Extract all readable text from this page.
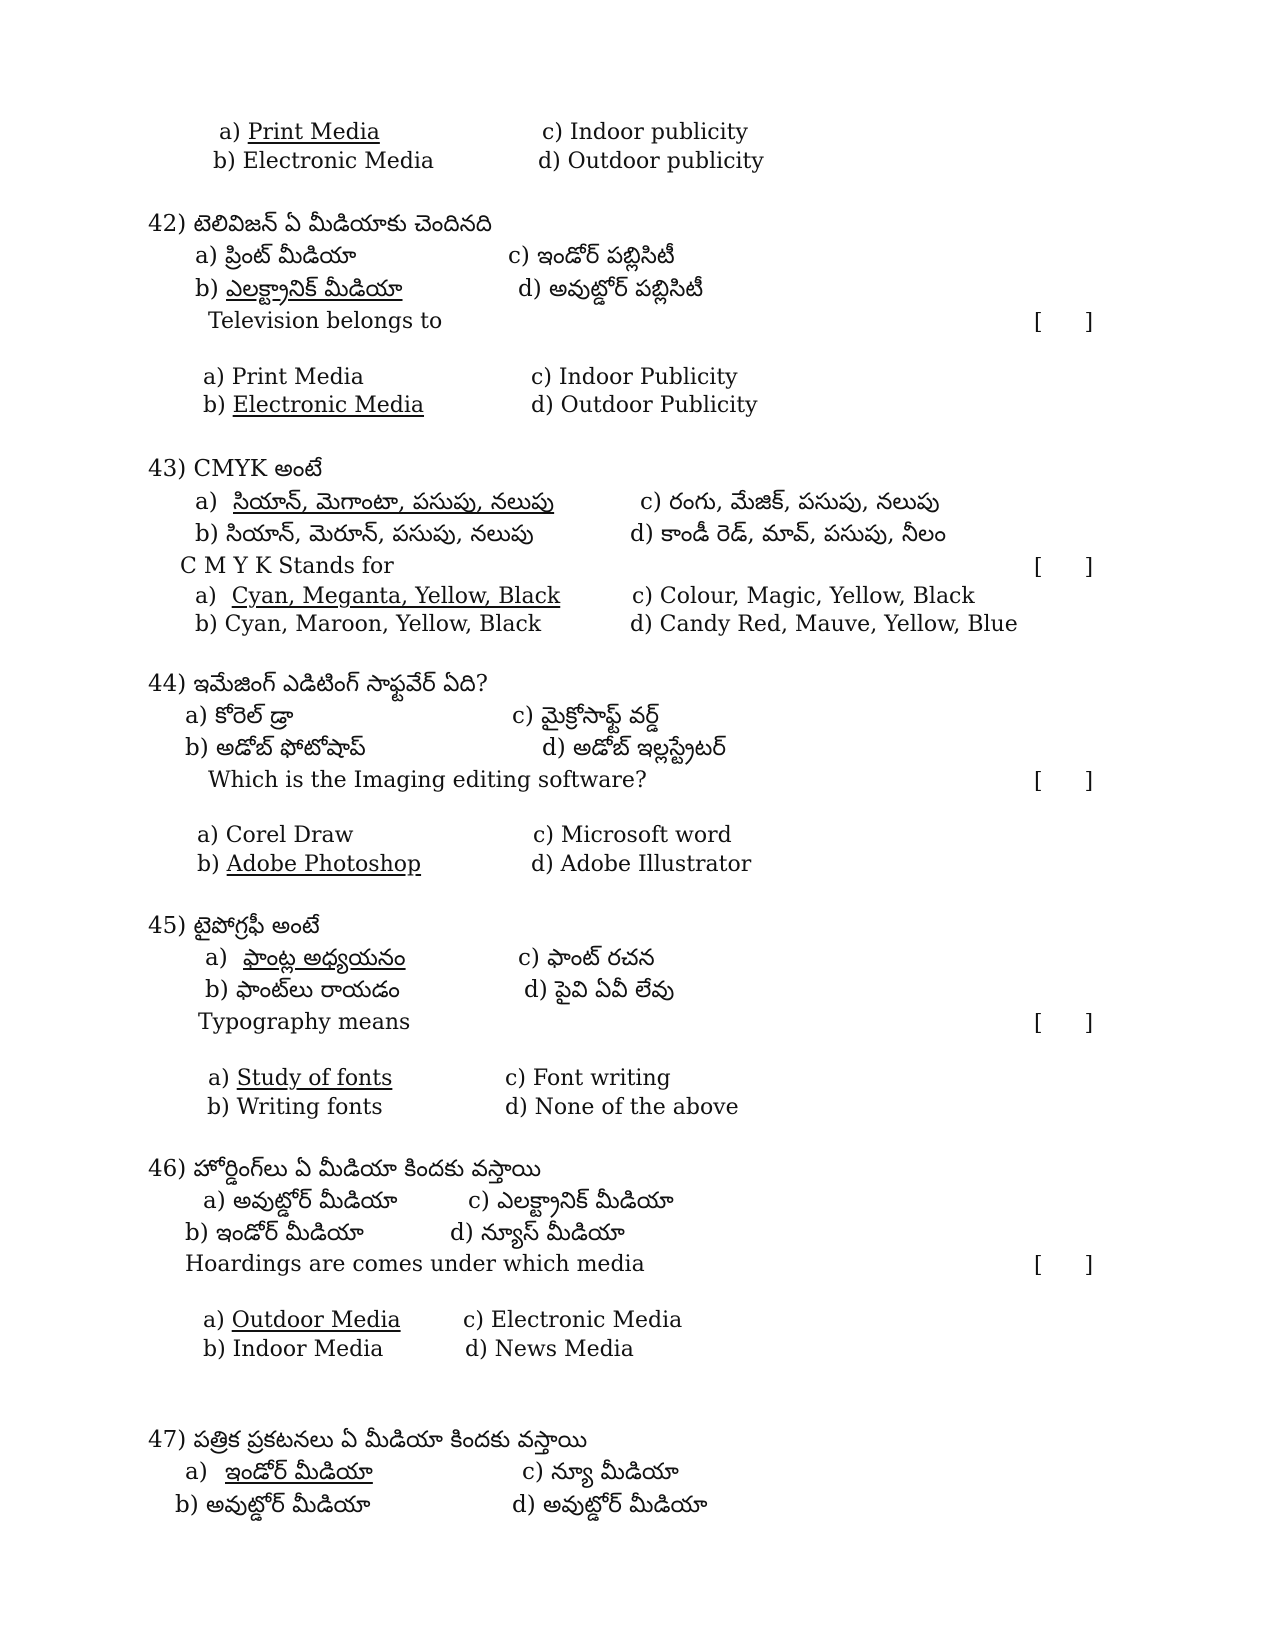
a) Print Media
b) Electronic Media
c) Indoor publicity
d) Outdoor publicity
42) టెలివిజన్ ఏ మీడియాకు చెందినది
a) ప్రింట్ మీడియా
b) ఎలక్ట్రానిక్ మీడియా
c) ఇండోర్ పబ్లిసిటీ
d) అవుట్డోర్ పబ్లిసిటీ
Television belongs to	[      ]
a) Print Media
b) Electronic Media
c) Indoor Publicity
d) Outdoor Publicity
43) CMYK అంటే
a) సియాన్, మెగాంటా, పసుపు, నలుపు
b) సియాన్, మెరూన్, పసుపు, నలుపు
c) రంగు, మేజిక్, పసుపు, నలుపు
d) కాండీ రెడ్, మావ్, పసుపు, నీలం
C M Y K Stands for	[      ]
a) Cyan, Meganta, Yellow, Black
b) Cyan, Maroon, Yellow, Black
c) Colour, Magic, Yellow, Black
d) Candy Red, Mauve, Yellow, Blue
44) ఇమేజింగ్ ఎడిటింగ్ సాఫ్టవేర్ ఏది?
a) కోరెల్ డ్రా
b) అడోబ్ ఫోటోషాప్
c) మైక్రోసాఫ్ట్ వర్డ్
d) అడోబ్ ఇల్లస్ట్రేటర్
Which is the Imaging editing software?	[      ]
a) Corel Draw
b) Adobe Photoshop
c) Microsoft word
d) Adobe Illustrator
45) టైపోగ్రఫీ అంటే
a) ఫాంట్ల అధ్యయనం
b) ఫాంట్‌లు రాయడం
c) ఫాంట్ రచన
d) పైవి ఏవీ లేవు
Typography means	[      ]
a) Study of fonts
b) Writing fonts
c) Font writing
d) None of the above
46) హోర్డింగ్‌లు ఏ మీడియా కిందకు వస్తాయి
a) అవుట్డోర్ మీడియా
b) ఇండోర్ మీడియా
c) ఎలక్ట్రానిక్ మీడియా
d) న్యూస్ మీడియా
Hoardings are comes under which media	[      ]
a) Outdoor Media
b) Indoor Media
c) Electronic Media
d) News Media
47) పత్రిక ప్రకటనలు ఏ మీడియా కిందకు వస్తాయి
a) ఇండోర్ మీడియా
b) అవుట్డోర్ మీడియా
c) న్యూ మీడియా
d) అవుట్డోర్ మీడియా
